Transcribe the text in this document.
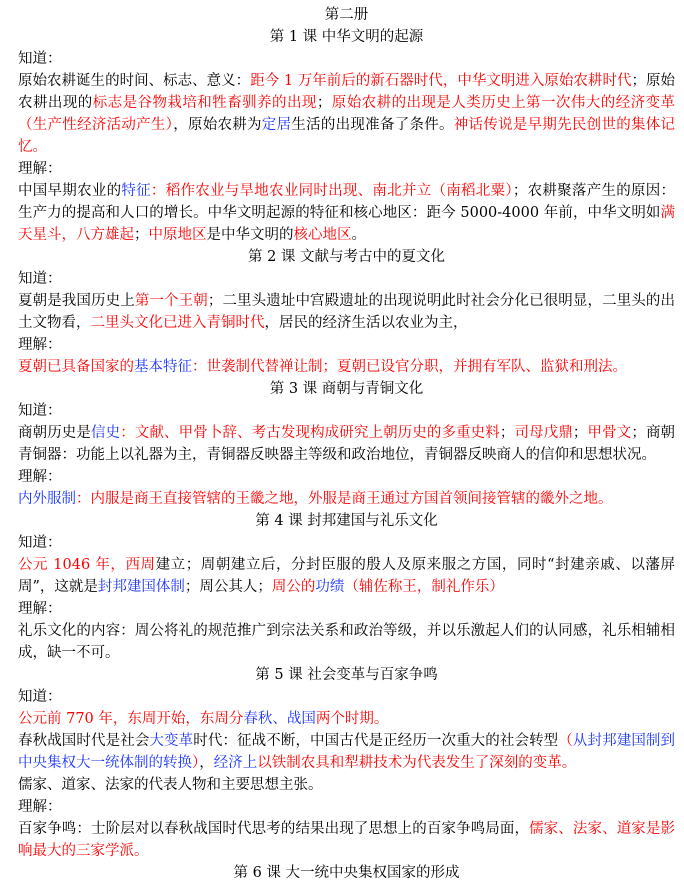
第二册
第 1 课 中华文明的起源
知道：
原始农耕诞生的时间、标志、意义：距今 1 万年前后的新石器时代，中华文明进入原始农耕时代；原始农耕出现的标志是谷物栽培和牲畜驯养的出现；原始农耕的出现是人类历史上第一次伟大的经济变革（生产性经济活动产生），原始农耕为定居生活的出现准备了条件。神话传说是早期先民创世的集体记忆。
理解：
中国早期农业的特征：稻作农业与旱地农业同时出现、南北并立（南稻北粟）；农耕聚落产生的原因：生产力的提高和人口的增长。中华文明起源的特征和核心地区：距今 5000-4000 年前，中华文明如满天星斗，八方雄起；中原地区是中华文明的核心地区。
第 2 课 文献与考古中的夏文化
知道：
夏朝是我国历史上第一个王朝；二里头遗址中宫殿遗址的出现说明此时社会分化已很明显，二里头的出土文物看，二里头文化已进入青铜时代，居民的经济生活以农业为主，
理解：
夏朝已具备国家的基本特征：世袭制代替禅让制；夏朝已设官分职，并拥有军队、监狱和刑法。
第 3 课 商朝与青铜文化
知道：
商朝历史是信史：文献、甲骨卜辞、考古发现构成研究上朝历史的多重史料；司母戊鼎；甲骨文；商朝青铜器：功能上以礼器为主，青铜器反映器主等级和政治地位，青铜器反映商人的信仰和思想状况。
理解：
内外服制：内服是商王直接管辖的王畿之地，外服是商王通过方国首领间接管辖的畿外之地。
第 4 课 封邦建国与礼乐文化
知道：
公元 1046 年，西周建立；周朝建立后，分封臣服的殷人及原来服之方国，同时“封建亲戚、以藩屏周”，这就是封邦建国体制；周公其人；周公的功绩（辅佐称王，制礼作乐）
理解：
礼乐文化的内容：周公将礼的规范推广到宗法关系和政治等级，并以乐激起人们的认同感，礼乐相辅相成，缺一不可。
第 5 课 社会变革与百家争鸣
知道：
公元前 770 年，东周开始，东周分春秋、战国两个时期。
春秋战国时代是社会大变革时代：征战不断，中国古代是正经历一次重大的社会转型（从封邦建国制到中央集权大一统体制的转换），经济上以铁制农具和犁耕技术为代表发生了深刻的变革。
儒家、道家、法家的代表人物和主要思想主张。
理解：
百家争鸣：士阶层对以春秋战国时代思考的结果出现了思想上的百家争鸣局面，儒家、法家、道家是影响最大的三家学派。
第 6 课 大一统中央集权国家的形成
